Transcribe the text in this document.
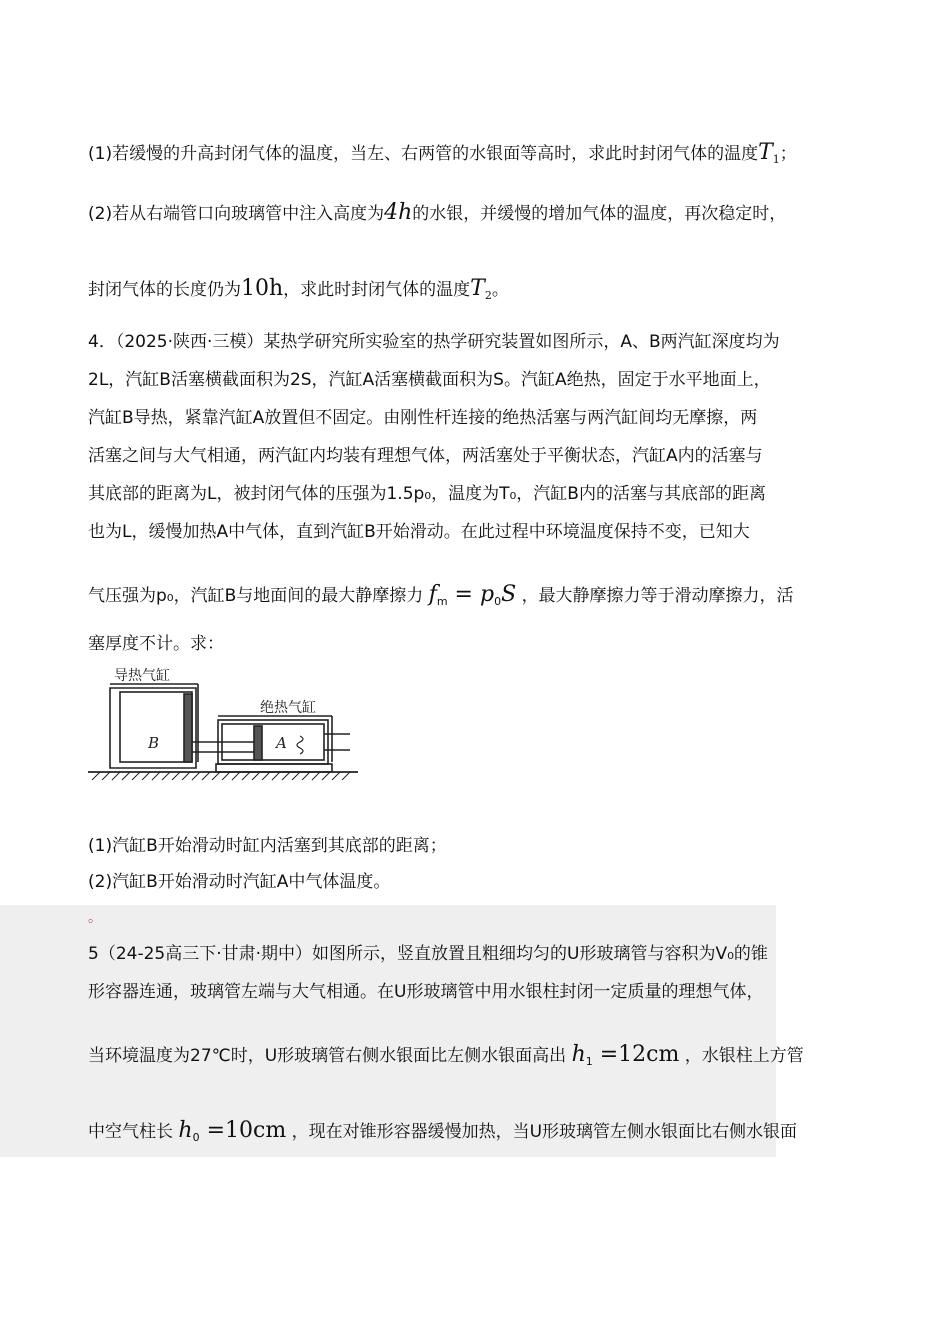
(1)若缓慢的升高封闭气体的温度，当左、右两管的水银面等高时，求此时封闭气体的温度$T_1$；
(2)若从右端管口向玻璃管中注入高度为4h的水银，并缓慢的增加气体的温度，再次稳定时，
封闭气体的长度仍为10h，求此时封闭气体的温度$T_2$。
4．（2025·陕西·三模）某热学研究所实验室的热学研究装置如图所示，A、B两汽缸深度均为
2L，汽缸B活塞横截面积为2S，汽缸A活塞横截面积为S。汽缸A绝热，固定于水平地面上，
汽缸B导热，紧靠汽缸A放置但不固定。由刚性杆连接的绝热活塞与两汽缸间均无摩擦，两
活塞之间与大气相通，两汽缸内均装有理想气体，两活塞处于平衡状态，汽缸A内的活塞与
其底部的距离为L，被封闭气体的压强为1.5p₀，温度为T₀，汽缸B内的活塞与其底部的距离
也为L，缓慢加热A中气体，直到汽缸B开始滑动。在此过程中环境温度保持不变，已知大
气压强为p₀，汽缸B与地面间的最大静摩擦力 $f_m = p_0S$ ，最大静摩擦力等于滑动摩擦力，活
塞厚度不计。求：
导热气缸
绝热气缸
B	A
(1)汽缸B开始滑动时缸内活塞到其底部的距离；
(2)汽缸B开始滑动时汽缸A中气体温度。
。
5（24-25高三下·甘肃·期中）如图所示，竖直放置且粗细均匀的U形玻璃管与容积为V₀的锥
形容器连通，玻璃管左端与大气相通。在U形玻璃管中用水银柱封闭一定质量的理想气体，
当环境温度为27℃时，U形玻璃管右侧水银面比左侧水银面高出 $h_1 =12cm$ ，水银柱上方管
中空气柱长 $h_0 =10cm$ ，现在对锥形容器缓慢加热，当U形玻璃管左侧水银面比右侧水银面
